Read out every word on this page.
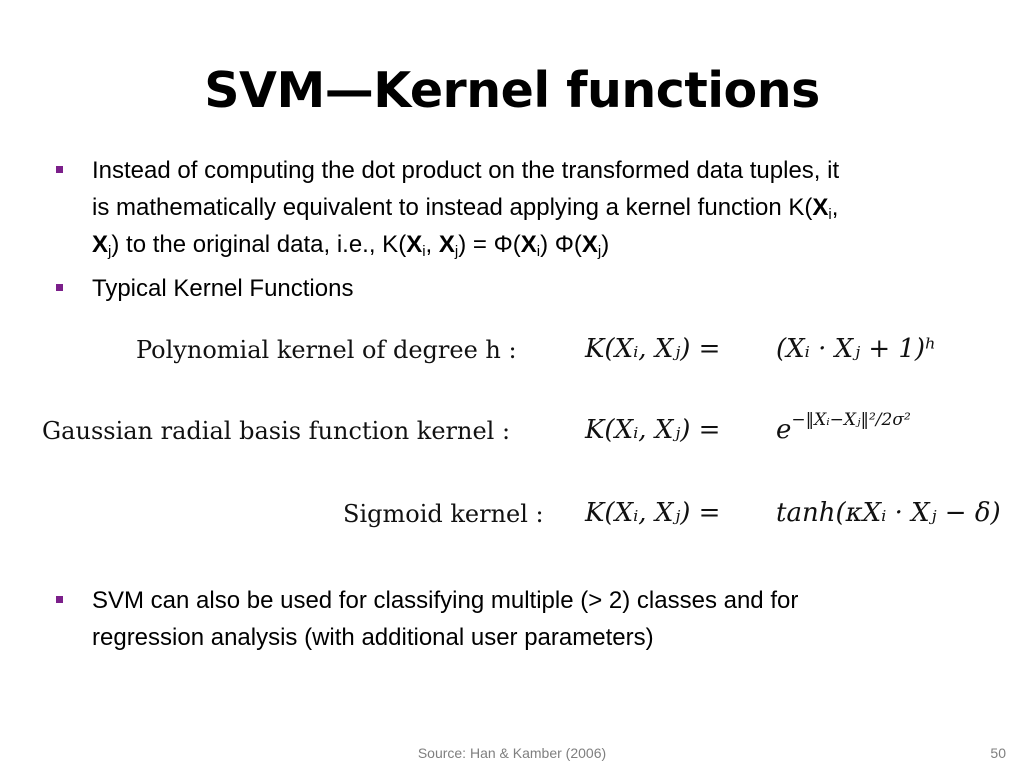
SVM—Kernel functions
Instead of computing the dot product on the transformed data tuples, it
is mathematically equivalent to instead applying a kernel function $K(X_i$,
$X_j$) to the original data, i.e., $K(X_i$, $X_j) = \Phi(X_i)$ $\Phi(X_j)$
Typical Kernel Functions
Polynomial kernel of degree h :	K(Xᵢ, Xⱼ) = (Xᵢ · Xⱼ + 1)ʰ
Gaussian radial basis function kernel :	K(Xᵢ, Xⱼ) = e−‖Xᵢ−Xⱼ‖²/2σ²
Sigmoid kernel : K(Xᵢ, Xⱼ) = tanh(κXᵢ · Xⱼ − δ)
SVM can also be used for classifying multiple (> 2) classes and for
regression analysis (with additional user parameters)
Source: Han & Kamber (2006)	50
